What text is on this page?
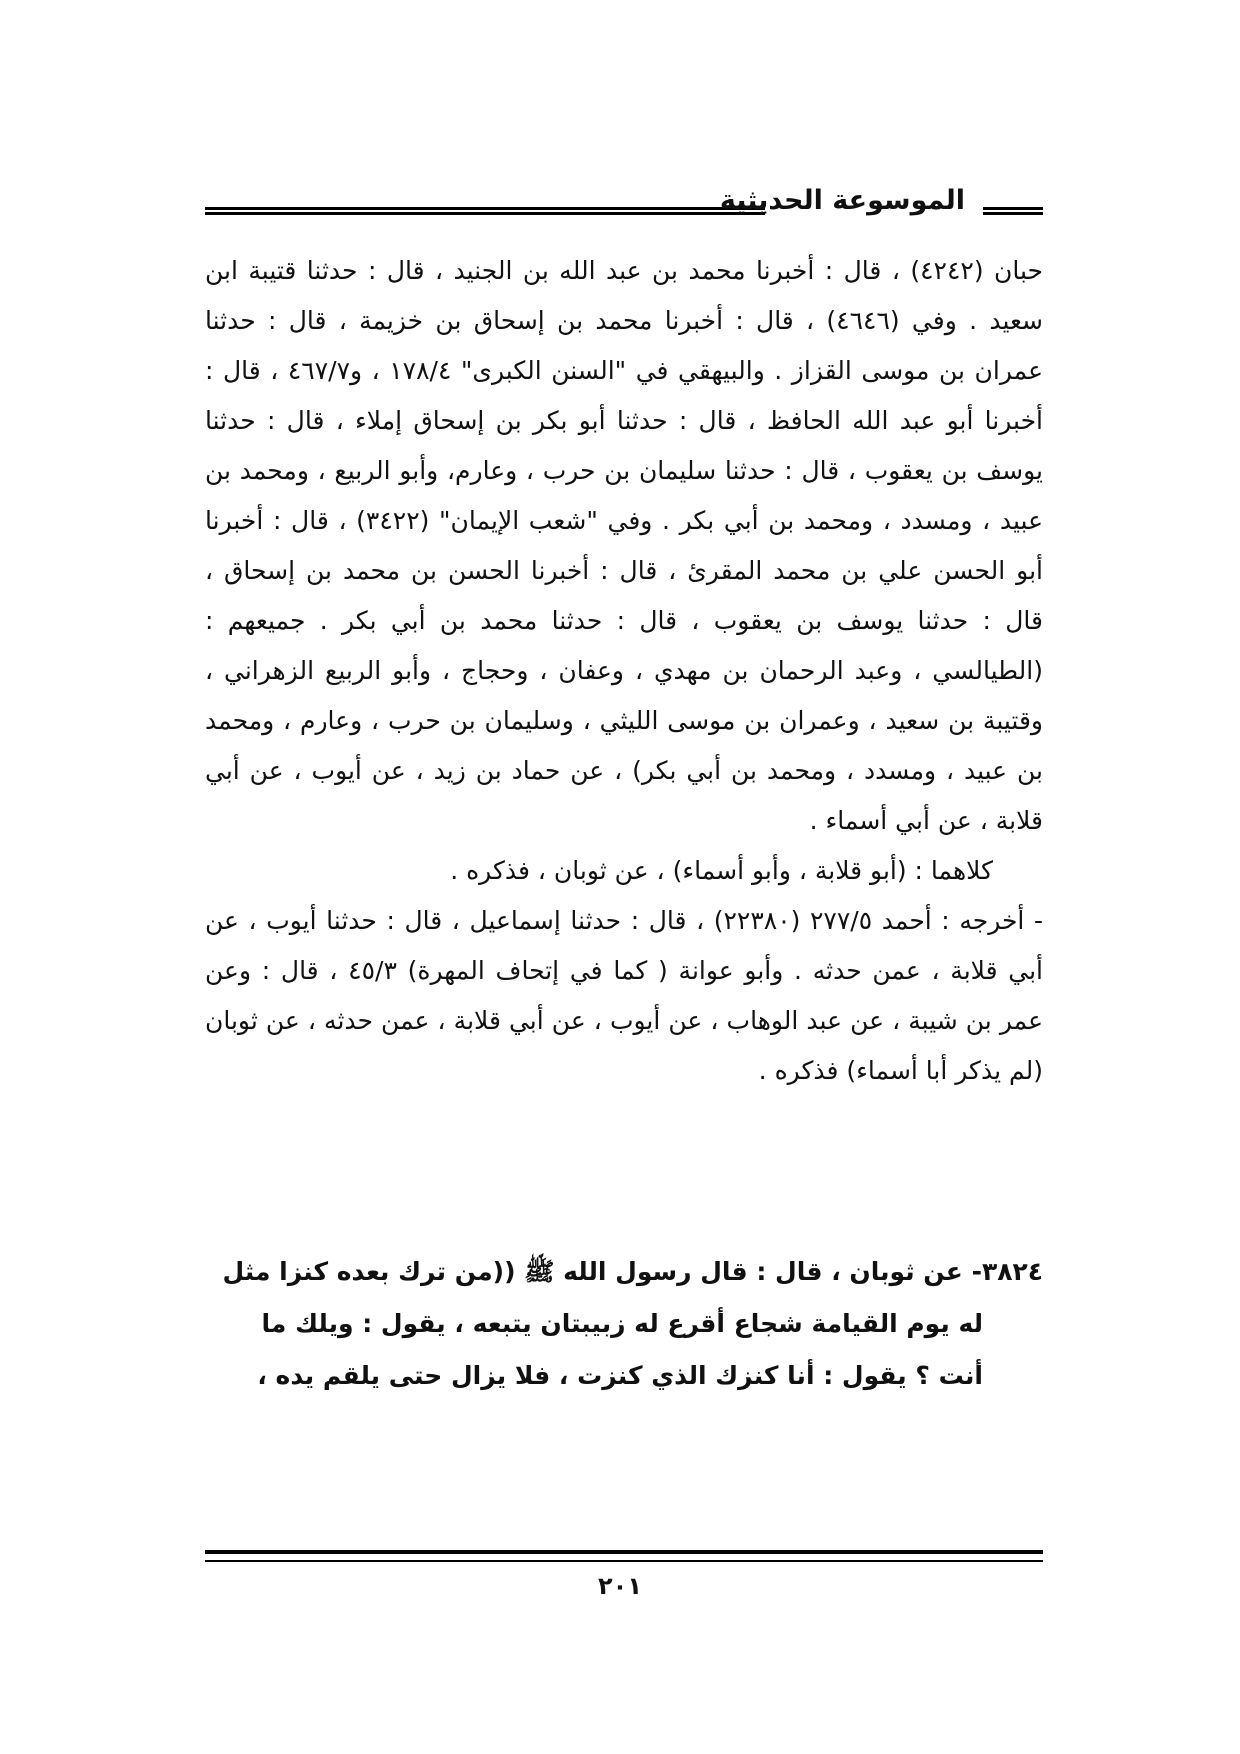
الموسوعة الحديثية

حبان (٤٢٤٢) ، قال : أخبرنا محمد بن عبد الله بن الجنيد ، قال : حدثنا قتيبة ابن سعيد . وفي (٤٦٤٦) ، قال : أخبرنا محمد بن إسحاق بن خزيمة ، قال : حدثنا عمران بن موسى القزاز . والبيهقي في "السنن الكبرى" ١٧٨/٤ ، و٤٦٧/٧ ، قال : أخبرنا أبو عبد الله الحافظ ، قال : حدثنا أبو بكر بن إسحاق إملاء ، قال : حدثنا يوسف بن يعقوب ، قال : حدثنا سليمان بن حرب ، وعارم، وأبو الربيع ، ومحمد بن عبيد ، ومسدد ، ومحمد بن أبي بكر . وفي "شعب الإيمان" (٣٤٢٢) ، قال : أخبرنا أبو الحسن علي بن محمد المقرئ ، قال : أخبرنا الحسن بن محمد بن إسحاق ، قال : حدثنا يوسف بن يعقوب ، قال : حدثنا محمد بن أبي بكر . جميعهم : (الطيالسي ، وعبد الرحمان بن مهدي ، وعفان ، وحجاج ، وأبو الربيع الزهراني ، وقتيبة بن سعيد ، وعمران بن موسى الليثي ، وسليمان بن حرب ، وعارم ، ومحمد بن عبيد ، ومسدد ، ومحمد بن أبي بكر) ، عن حماد بن زيد ، عن أيوب ، عن أبي قلابة ، عن أبي أسماء .

كلاهما : (أبو قلابة ، وأبو أسماء) ، عن ثوبان ، فذكره .

- أخرجه : أحمد ٢٧٧/٥ (٢٢٣٨٠) ، قال : حدثنا إسماعيل ، قال : حدثنا أيوب ، عن أبي قلابة ، عمن حدثه . وأبو عوانة ( كما في إتحاف المهرة) ٤٥/٣ ، قال : وعن عمر بن شيبة ، عن عبد الوهاب ، عن أيوب ، عن أبي قلابة ، عمن حدثه ، عن ثوبان (لم يذكر أبا أسماء) فذكره .

٣٨٢٤- عن ثوبان ، قال : قال رسول الله ﷺ ((من ترك بعده كنزا مثل

له يوم القيامة شجاع أقرع له زبيبتان يتبعه ، يقول : ويلك ما

أنت ؟ يقول : أنا كنزك الذي كنزت ، فلا يزال حتى يلقم يده ،

٢٠١
